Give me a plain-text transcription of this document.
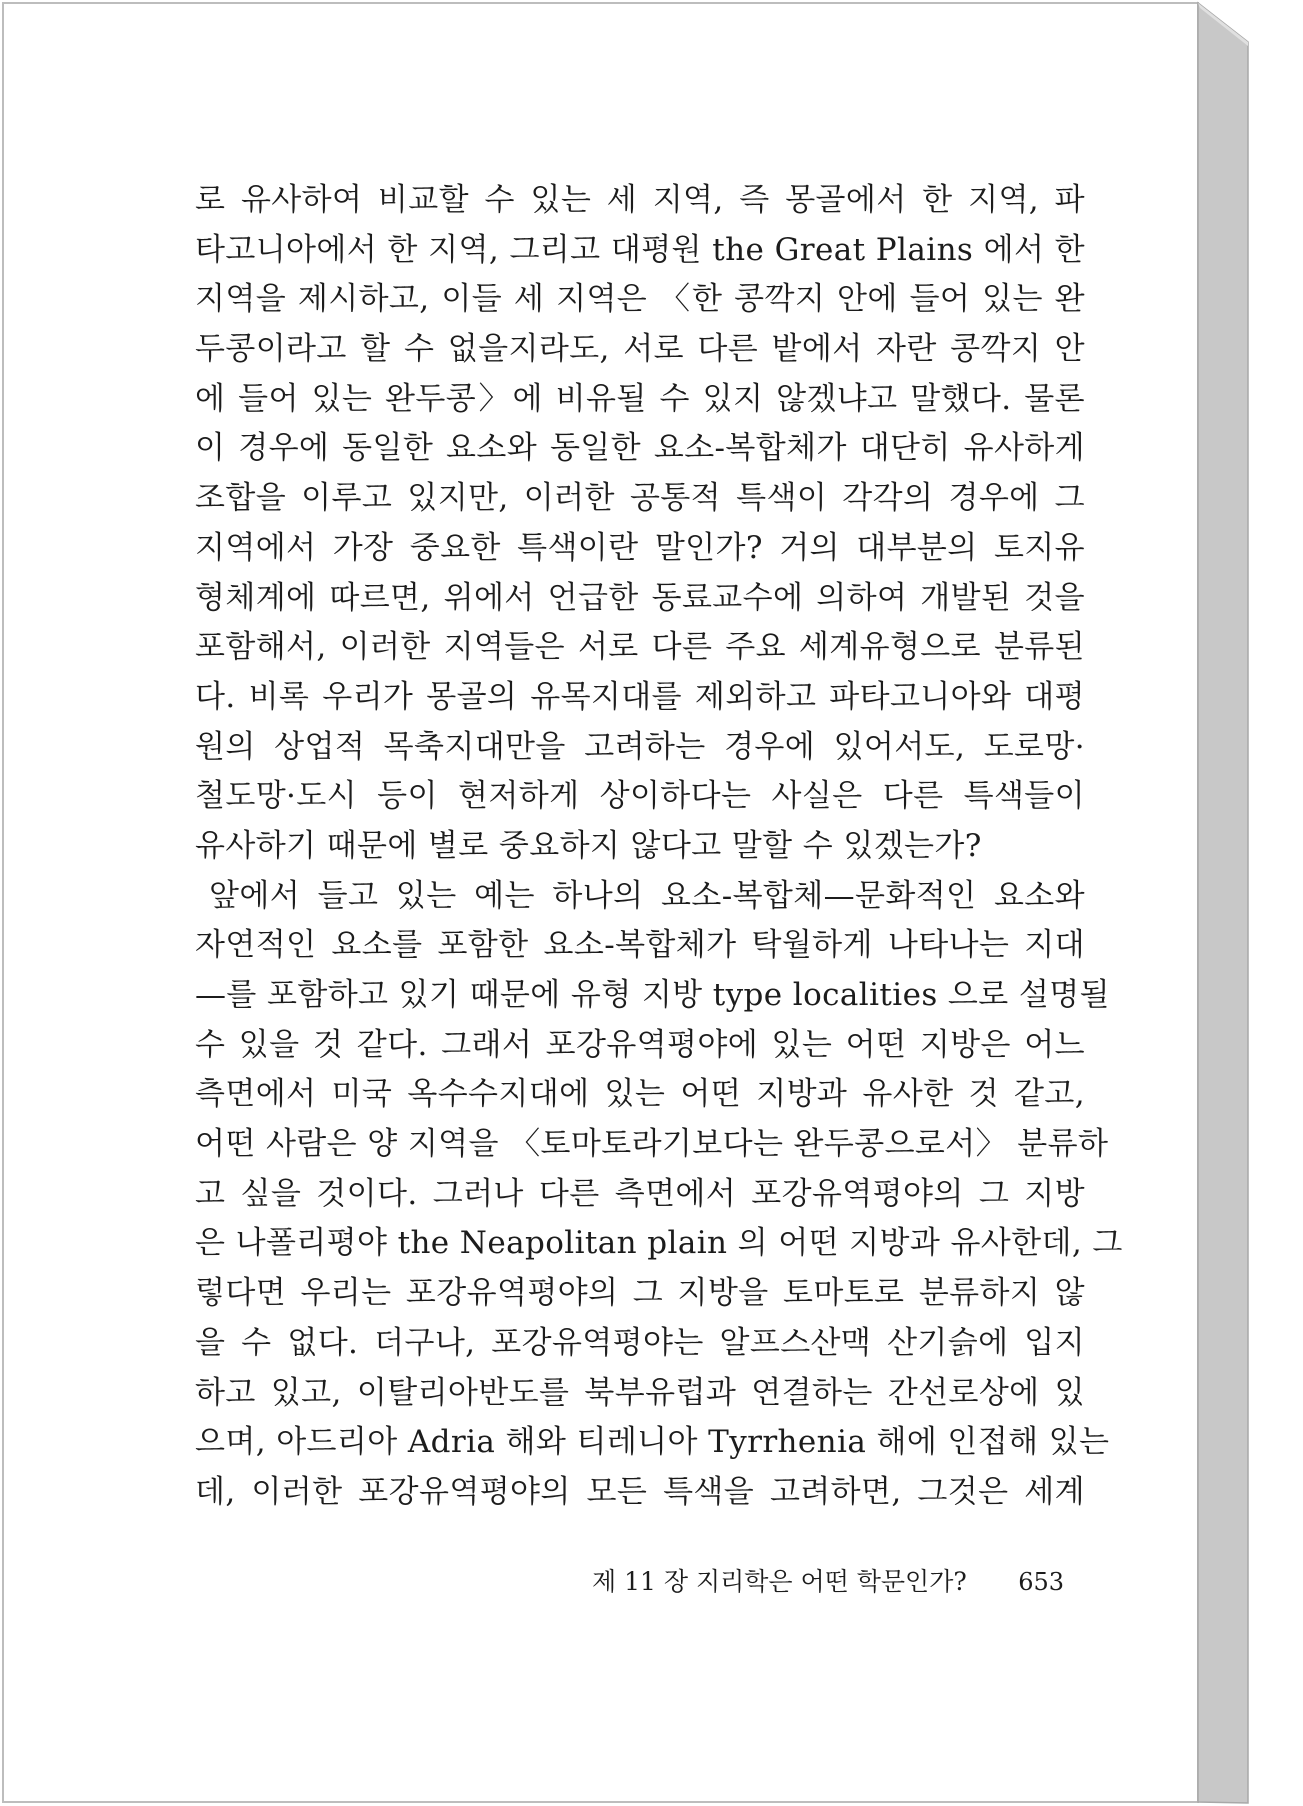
로 유사하여 비교할 수 있는 세 지역, 즉 몽골에서 한 지역, 파
타고니아에서 한 지역, 그리고 대평원 the Great Plains 에서 한
지역을 제시하고, 이들 세 지역은 〈한 콩깍지 안에 들어 있는 완
두콩이라고 할 수 없을지라도, 서로 다른 밭에서 자란 콩깍지 안
에 들어 있는 완두콩〉에 비유될 수 있지 않겠냐고 말했다. 물론
이 경우에 동일한 요소와 동일한 요소-복합체가 대단히 유사하게
조합을 이루고 있지만, 이러한 공통적 특색이 각각의 경우에 그
지역에서 가장 중요한 특색이란 말인가? 거의 대부분의 토지유
형체계에 따르면, 위에서 언급한 동료교수에 의하여 개발된 것을
포함해서, 이러한 지역들은 서로 다른 주요 세계유형으로 분류된
다. 비록 우리가 몽골의 유목지대를 제외하고 파타고니아와 대평
원의 상업적 목축지대만을 고려하는 경우에 있어서도, 도로망·
철도망·도시 등이 현저하게 상이하다는 사실은 다른 특색들이
유사하기 때문에 별로 중요하지 않다고 말할 수 있겠는가?
앞에서 들고 있는 예는 하나의 요소-복합체—문화적인 요소와
자연적인 요소를 포함한 요소-복합체가 탁월하게 나타나는 지대
—를 포함하고 있기 때문에 유형 지방 type localities 으로 설명될
수 있을 것 같다. 그래서 포강유역평야에 있는 어떤 지방은 어느
측면에서 미국 옥수수지대에 있는 어떤 지방과 유사한 것 같고,
어떤 사람은 양 지역을 〈토마토라기보다는 완두콩으로서〉 분류하
고 싶을 것이다. 그러나 다른 측면에서 포강유역평야의 그 지방
은 나폴리평야 the Neapolitan plain 의 어떤 지방과 유사한데, 그
렇다면 우리는 포강유역평야의 그 지방을 토마토로 분류하지 않
을 수 없다. 더구나, 포강유역평야는 알프스산맥 산기슭에 입지
하고 있고, 이탈리아반도를 북부유럽과 연결하는 간선로상에 있
으며, 아드리아 Adria 해와 티레니아 Tyrrhenia 해에 인접해 있는
데, 이러한 포강유역평야의 모든 특색을 고려하면, 그것은 세계
제 11 장 지리학은 어떤 학문인가? 653
